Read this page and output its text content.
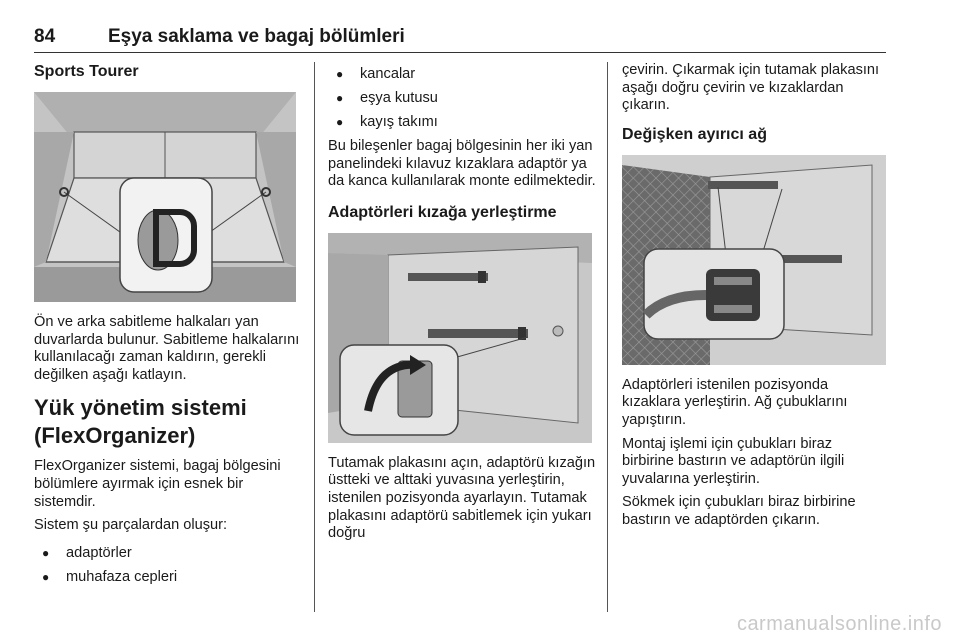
84	Eşya saklama ve bagaj bölümleri
Sports Tourer

Ön ve arka sabitleme halkaları yan duvarlarda bulunur. Sabitleme halkalarını kullanılacağı zaman kaldırın, gerekli değilken aşağı katlayın.

Yük yönetim sistemi (FlexOrganizer)

FlexOrganizer sistemi, bagaj bölgesini bölümlere ayırmak için esnek bir sistemdir.

Sistem şu parçalardan oluşur:

● adaptörler
● muhafaza cepleri
● kancalar
● eşya kutusu
● kayış takımı

Bu bileşenler bagaj bölgesinin her iki yan panelindeki kılavuz kızaklara adaptör ya da kanca kullanılarak monte edilmektedir.

Adaptörleri kızağa yerleştirme

Tutamak plakasını açın, adaptörü kızağın üstteki ve alttaki yuvasına yerleştirin, istenilen pozisyonda ayarlayın. Tutamak plakasını adaptörü sabitlemek için yukarı doğru

çevirin. Çıkarmak için tutamak plakasını aşağı doğru çevirin ve kızaklardan çıkarın.

Değişken ayırıcı ağ

Adaptörleri istenilen pozisyonda kızaklara yerleştirin. Ağ çubuklarını yapıştırın.

Montaj işlemi için çubukları biraz birbirine bastırın ve adaptörün ilgili yuvalarına yerleştirin.

Sökmek için çubukları biraz birbirine bastırın ve adaptörden çıkarın.

carmanualsonline.info
